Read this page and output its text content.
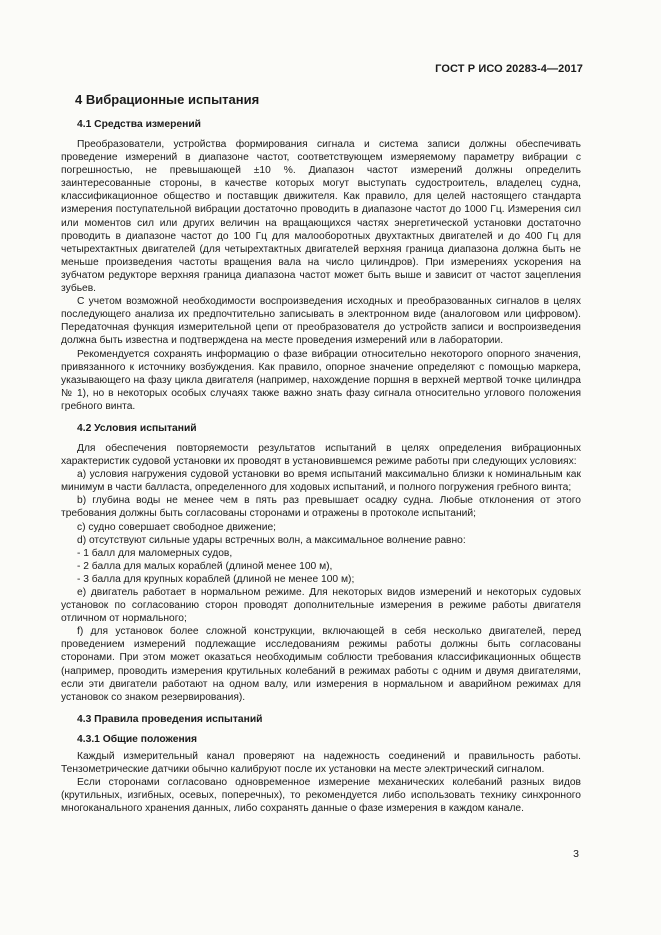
ГОСТ Р ИСО 20283-4—2017
4 Вибрационные испытания
4.1 Средства измерений

Преобразователи, устройства формирования сигнала и система записи должны обеспечивать проведение измерений в диапазоне частот, соответствующем измеряемому параметру вибрации с погрешностью, не превышающей ±10 %. Диапазон частот измерений должны определить заинтересованные стороны, в качестве которых могут выступать судостроитель, владелец судна, классификационное общество и поставщик движителя. Как правило, для целей настоящего стандарта измерения поступательной вибрации достаточно проводить в диапазоне частот до 1000 Гц. Измерения сил или моментов сил или других величин на вращающихся частях энергетической установки достаточно проводить в диапазоне частот до 100 Гц для малооборотных двухтактных двигателей и до 400 Гц для четырехтактных двигателей (для четырехтактных двигателей верхняя граница диапазона должна быть не меньше произведения частоты вращения вала на число цилиндров). При измерениях ускорения на зубчатом редукторе верхняя граница диапазона частот может быть выше и зависит от частот зацепления зубьев.

С учетом возможной необходимости воспроизведения исходных и преобразованных сигналов в целях последующего анализа их предпочтительно записывать в электронном виде (аналоговом или цифровом). Передаточная функция измерительной цепи от преобразователя до устройств записи и воспроизведения должна быть известна и подтверждена на месте проведения измерений или в лаборатории.

Рекомендуется сохранять информацию о фазе вибрации относительно некоторого опорного значения, привязанного к источнику возбуждения. Как правило, опорное значение определяют с помощью маркера, указывающего на фазу цикла двигателя (например, нахождение поршня в верхней мертвой точке цилиндра № 1), но в некоторых особых случаях также важно знать фазу сигнала относительно углового положения гребного винта.

4.2 Условия испытаний

Для обеспечения повторяемости результатов испытаний в целях определения вибрационных характеристик судовой установки их проводят в установившемся режиме работы при следующих условиях:

a) условия нагружения судовой установки во время испытаний максимально близки к номинальным как минимум в части балласта, определенного для ходовых испытаний, и полного погружения гребного винта;

b) глубина воды не менее чем в пять раз превышает осадку судна. Любые отклонения от этого требования должны быть согласованы сторонами и отражены в протоколе испытаний;

c) судно совершает свободное движение;

d) отсутствуют сильные удары встречных волн, а максимальное волнение равно:

- 1 балл для маломерных судов,

- 2 балла для малых кораблей (длиной менее 100 м),

- 3 балла для крупных кораблей (длиной не менее 100 м);

e) двигатель работает в нормальном режиме. Для некоторых видов измерений и некоторых судовых установок по согласованию сторон проводят дополнительные измерения в режиме работы двигателя отличном от нормального;

f) для установок более сложной конструкции, включающей в себя несколько двигателей, перед проведением измерений подлежащие исследованиям режимы работы должны быть согласованы сторонами. При этом может оказаться необходимым соблюсти требования классификационных обществ (например, проводить измерения крутильных колебаний в режимах работы с одним и двумя двигателями, если эти двигатели работают на одном валу, или измерения в нормальном и аварийном режимах для установок со знаком резервирования).

4.3 Правила проведения испытаний
4.3.1 Общие положения

Каждый измерительный канал проверяют на надежность соединений и правильность работы. Тензометрические датчики обычно калибруют после их установки на месте электрический сигналом.

Если сторонами согласовано одновременное измерение механических колебаний разных видов (крутильных, изгибных, осевых, поперечных), то рекомендуется либо использовать технику синхронного многоканального хранения данных, либо сохранять данные о фазе измерения в каждом канале.

3
